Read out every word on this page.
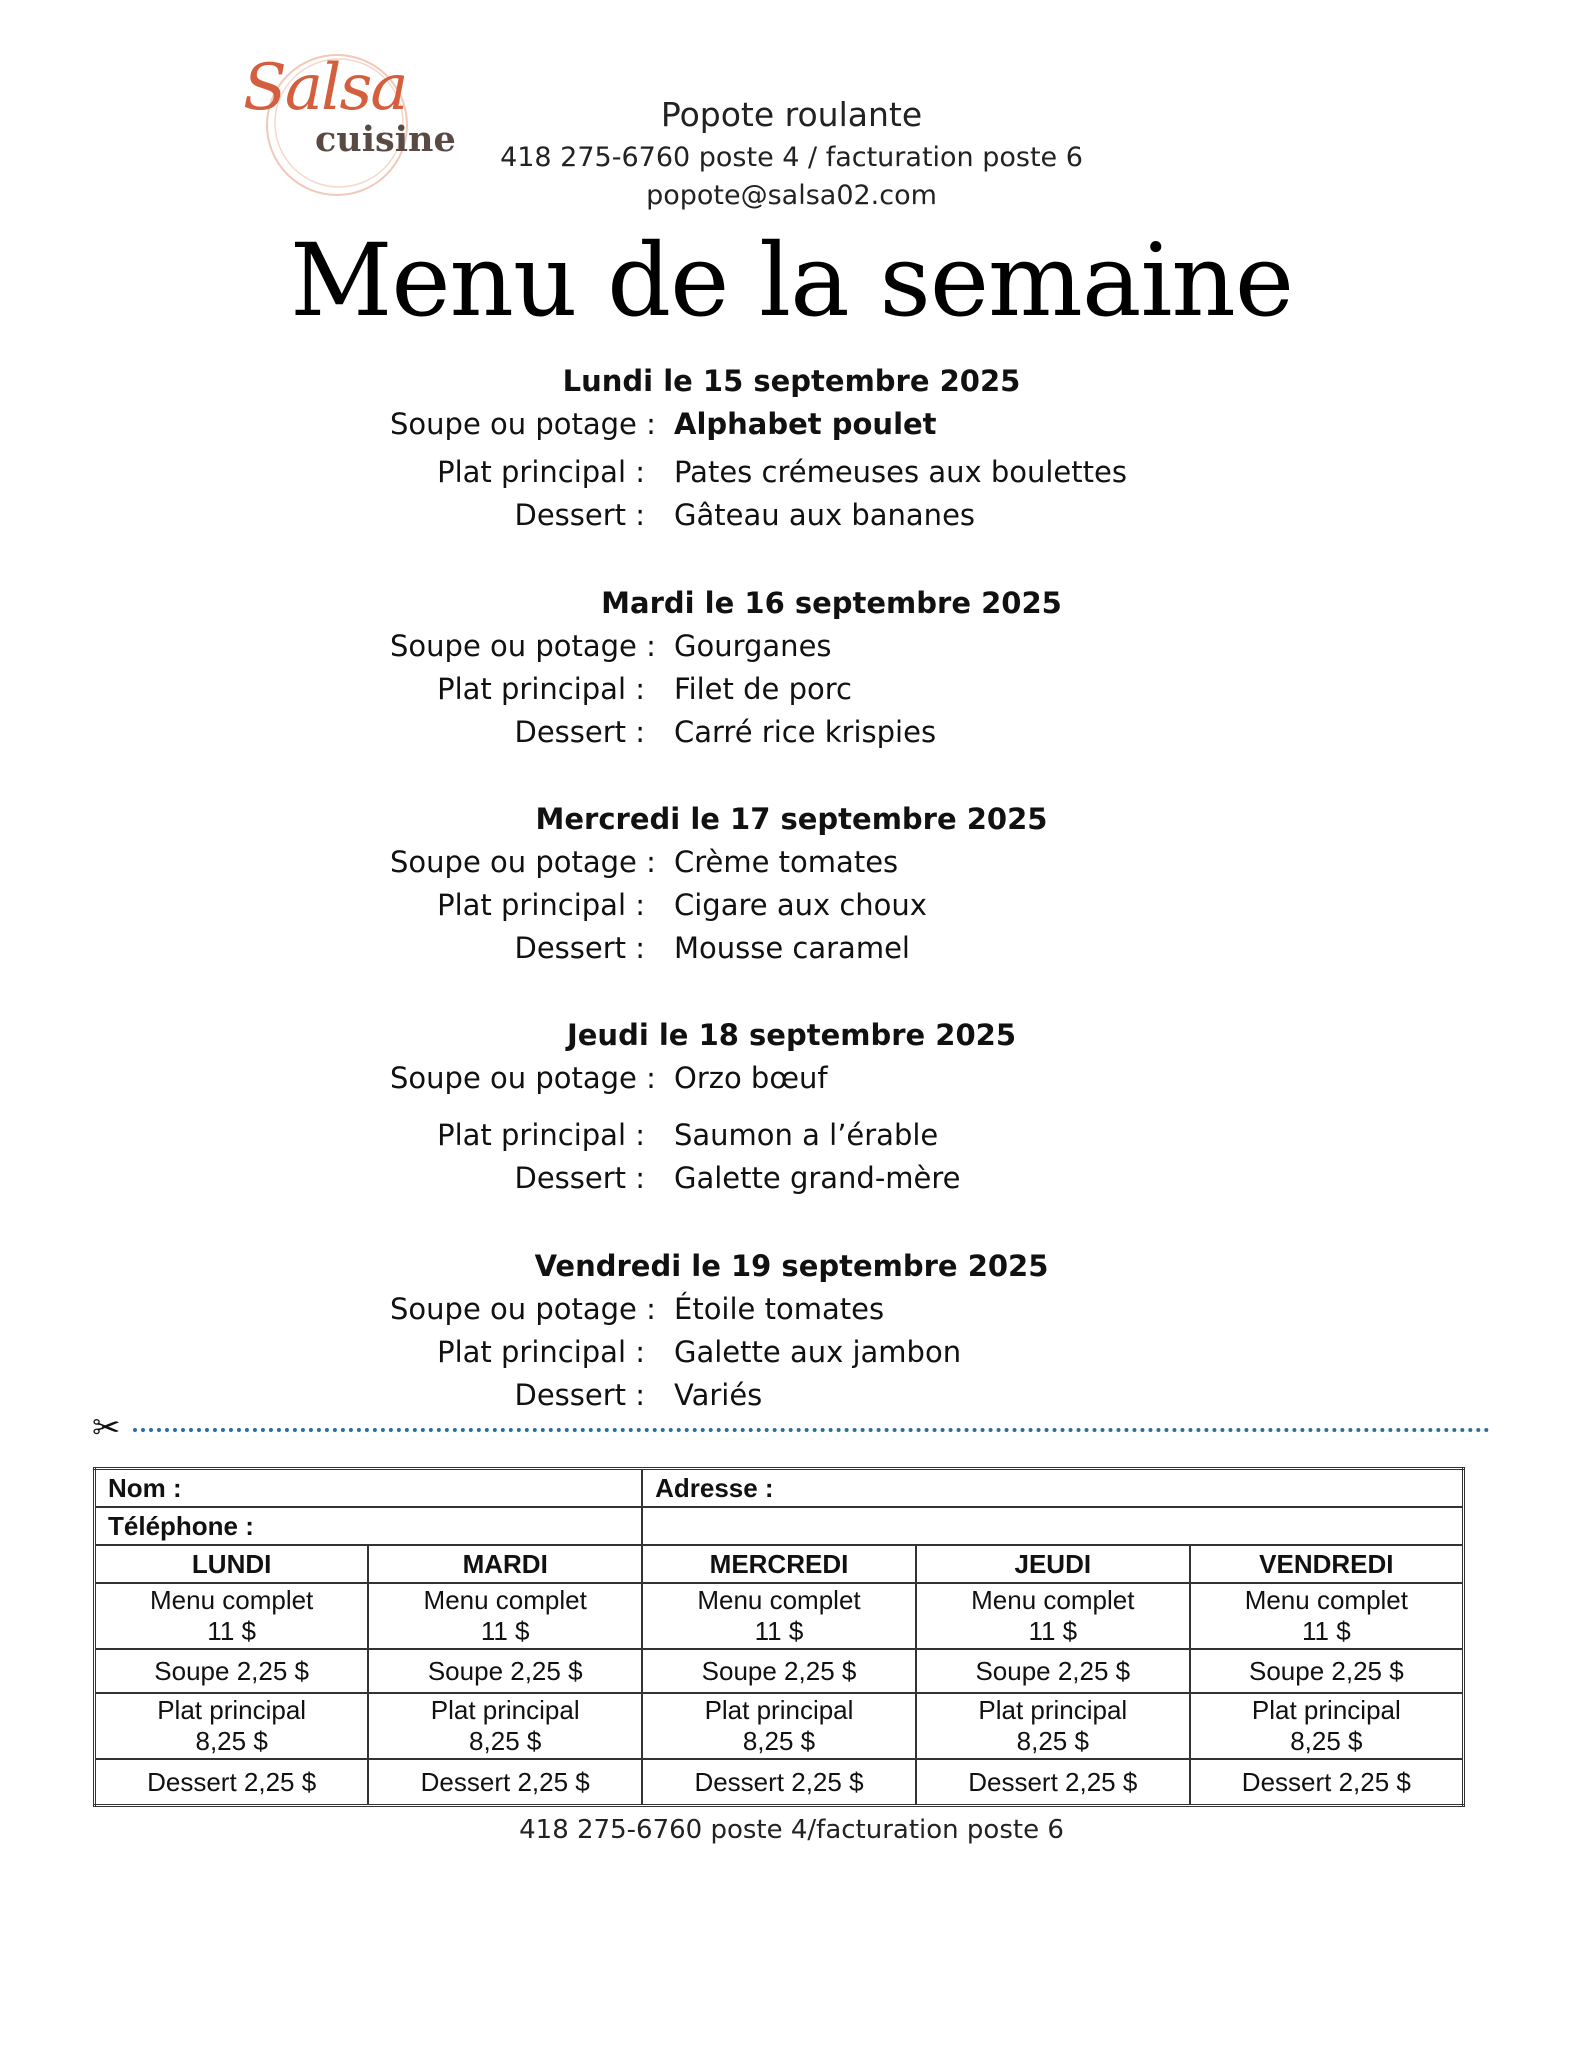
Salsa
cuisine
Popote roulante
418 275-6760 poste 4 / facturation poste 6
popote@salsa02.com
Menu de la semaine
Lundi le 15 septembre 2025
Soupe ou potage : Alphabet poulet
Plat principal : Pates crémeuses aux boulettes
Dessert : Gâteau aux bananes
Mardi le 16 septembre 2025
Soupe ou potage : Gourganes
Plat principal : Filet de porc
Dessert : Carré rice krispies
Mercredi le 17 septembre 2025
Soupe ou potage : Crème tomates
Plat principal : Cigare aux choux
Dessert : Mousse caramel
Jeudi le 18 septembre 2025
Soupe ou potage : Orzo bœuf
Plat principal : Saumon a l’érable
Dessert : Galette grand-mère
Vendredi le 19 septembre 2025
Soupe ou potage : Étoile tomates
Plat principal : Galette aux jambon
Dessert : Variés
✂
Nom :		Adresse :		
Téléphone :				
LUNDI	MARDI	MERCREDI	JEUDI	VENDREDI

Menu complet
11 $	Menu complet
11 $	Menu complet
11 $	Menu complet
11 $	Menu complet
11 $

Soupe 2,25 $	Soupe 2,25 $	Soupe 2,25 $	Soupe 2,25 $	Soupe 2,25 $

Plat principal
8,25 $	Plat principal
8,25 $	Plat principal
8,25 $	Plat principal
8,25 $	Plat principal
8,25 $

Dessert 2,25 $	Dessert 2,25 $	Dessert 2,25 $	Dessert 2,25 $	Dessert 2,25 $
418 275-6760 poste 4/facturation poste 6
